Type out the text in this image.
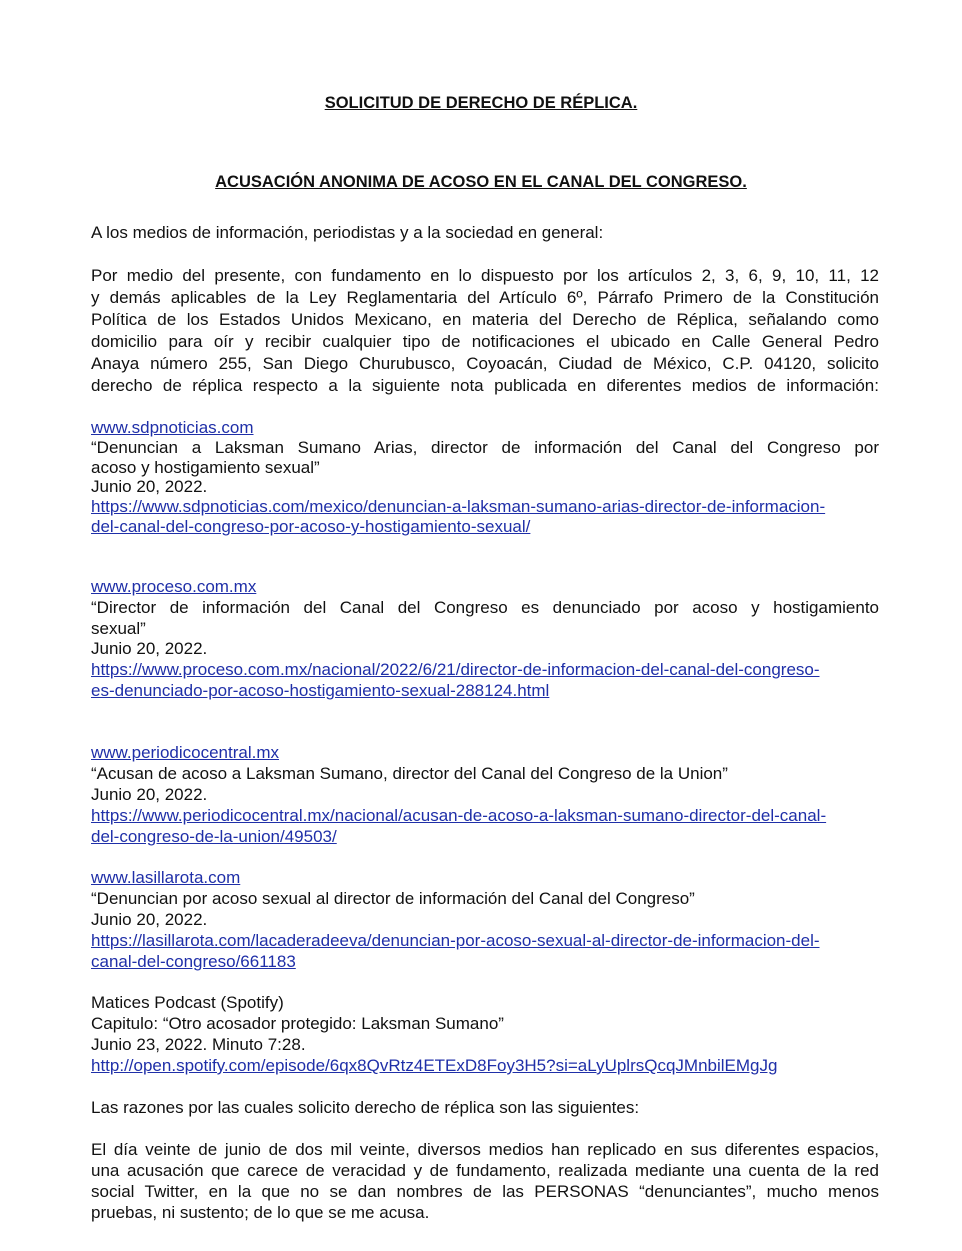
SOLICITUD DE DERECHO DE RÉPLICA.
ACUSACIÓN ANONIMA DE ACOSO EN EL CANAL DEL CONGRESO.
A los medios de información, periodistas y a la sociedad en general:
Por medio del presente, con fundamento en lo dispuesto por los artículos 2, 3, 6, 9, 10, 11, 12
y demás aplicables de la Ley Reglamentaria del Artículo 6º, Párrafo Primero de la Constitución
Política de los Estados Unidos Mexicano, en materia del Derecho de Réplica, señalando como
domicilio para oír y recibir cualquier tipo de notificaciones el ubicado en Calle General Pedro
Anaya número 255, San Diego Churubusco, Coyoacán, Ciudad de México, C.P. 04120, solicito
derecho de réplica respecto a la siguiente nota publicada en diferentes medios de información:
www.sdpnoticias.com
“Denuncian a Laksman Sumano Arias, director de información del Canal del Congreso por
acoso y hostigamiento sexual”
Junio 20, 2022.
https://www.sdpnoticias.com/mexico/denuncian-a-laksman-sumano-arias-director-de-informacion-
del-canal-del-congreso-por-acoso-y-hostigamiento-sexual/
www.proceso.com.mx
“Director de información del Canal del Congreso es denunciado por acoso y hostigamiento
sexual”
Junio 20, 2022.
https://www.proceso.com.mx/nacional/2022/6/21/director-de-informacion-del-canal-del-congreso-
es-denunciado-por-acoso-hostigamiento-sexual-288124.html
www.periodicocentral.mx
“Acusan de acoso a Laksman Sumano, director del Canal del Congreso de la Union”
Junio 20, 2022.
https://www.periodicocentral.mx/nacional/acusan-de-acoso-a-laksman-sumano-director-del-canal-
del-congreso-de-la-union/49503/
www.lasillarota.com
“Denuncian por acoso sexual al director de información del Canal del Congreso”
Junio 20, 2022.
https://lasillarota.com/lacaderadeeva/denuncian-por-acoso-sexual-al-director-de-informacion-del-
canal-del-congreso/661183
Matices Podcast (Spotify)
Capitulo: “Otro acosador protegido: Laksman Sumano”
Junio 23, 2022. Minuto 7:28.
http://open.spotify.com/episode/6qx8QvRtz4ETExD8Foy3H5?si=aLyUplrsQcqJMnbilEMgJg
Las razones por las cuales solicito derecho de réplica son las siguientes:
El día veinte de junio de dos mil veinte, diversos medios han replicado en sus diferentes espacios,
una acusación que carece de veracidad y de fundamento, realizada mediante una cuenta de la red
social Twitter, en la que no se dan nombres de las PERSONAS “denunciantes”, mucho menos
pruebas, ni sustento; de lo que se me acusa.
